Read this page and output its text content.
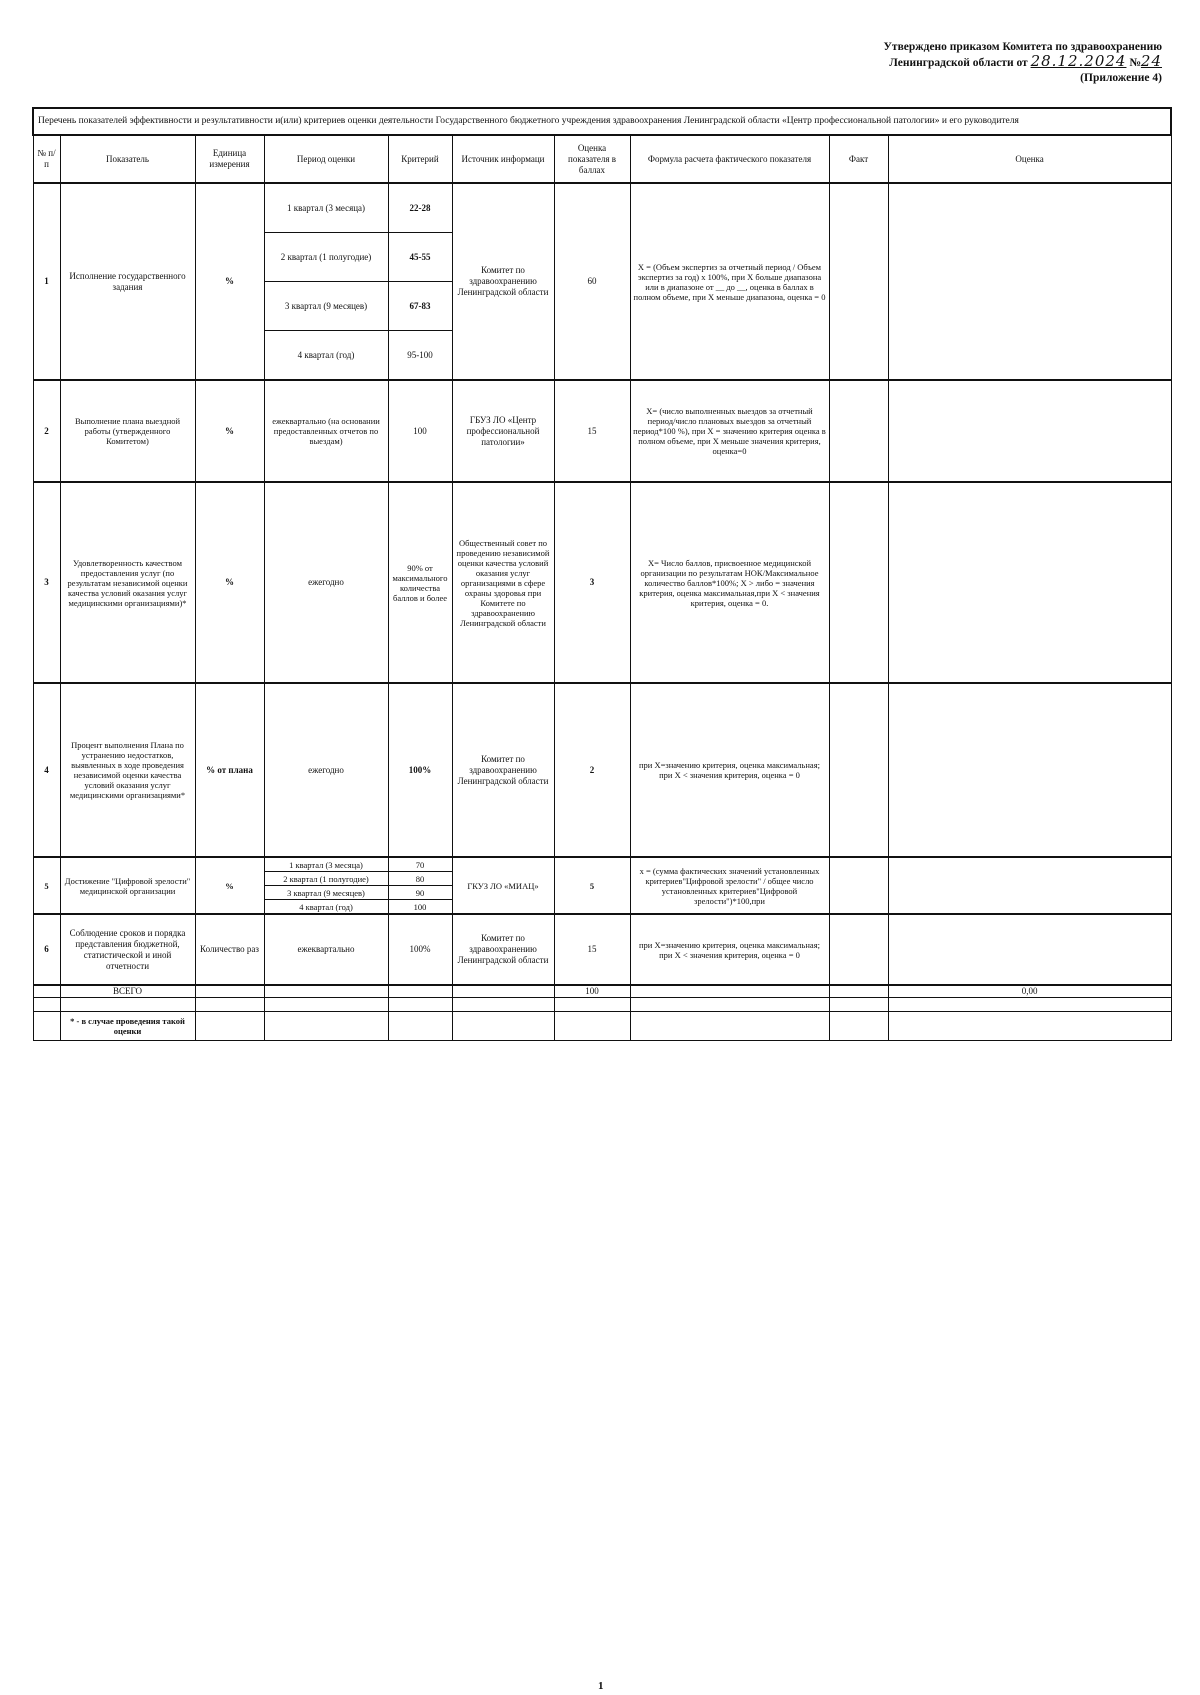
Утверждено приказом Комитета по здравоохранению
Ленинградской области от 28.12.2024 №24
(Приложение 4)
Перечень показателей эффективности и результативности и(или) критериев оценки деятельности Государственного бюджетного учреждения здравоохранения Ленинградской области «Центр профессиональной патологии» и его руководителя									
№ п/п	Показатель	Единица измерения	Период оценки	Критерий	Источник информаци	Оценка показателя в баллах	Формула расчета фактического показателя	Факт	Оценка
1	Исполнение государственного задания	%	1 квартал (3 месяца)	22-28	Комитет по здравоохранению Ленинградской области	60	Х = (Объем экспертиз за отчетный период / Объем экспертиз за год) х 100%, при Х больше диапазона или в диапазоне от __ до __, оценка в баллах в полном объеме, при Х меньше диапазона, оценка = 0		
			2 квартал (1 полугодие)	45-55					
			3 квартал (9 месяцев)	67-83					
			4 квартал (год)	95-100					
2	Выполнение плана выездной работы (утвержденного Комитетом)	%	ежеквартально (на основании предоставленных отчетов по выездам)	100	ГБУЗ ЛО «Центр профессиональной патологии»	15	Х= (число выполненных выездов за отчетный период/число плановых выездов за отчетный период*100 %), при Х = значению критерия оценка в полном объеме, при Х меньше значения критерия, оценка=0		
3	Удовлетворенность качеством предоставления услуг (по результатам независимой оценки качества условий оказания услуг медицинскими организациями)*	%	ежегодно	90% от максимального количества баллов и более	Общественный совет по проведению независимой оценки качества условий оказания услуг организациями в сфере охраны здоровья при Комитете по здравоохранению Ленинградской области	3	Х= Число баллов, присвоенное медицинской организации по результатам НОК/Максимальное количество баллов*100%; Х > либо = значения критерия, оценка максимальная,при Х < значения критерия, оценка = 0.		
4	Процент выполнения Плана по устранению недостатков, выявленных в ходе проведения независимой оценки качества условий оказания услуг медицинскими организациями*	% от плана	ежегодно	100%	Комитет по здравоохранению Ленинградской области	2	при Х=значению критерия, оценка максимальная; при Х < значения критерия, оценка = 0		
5	Достижение "Цифровой зрелости" медицинской организации	%	1 квартал (3 месяца)	70	ГКУЗ ЛО «МИАЦ»	5	х = (сумма фактических значений установленных критериев"Цифровой зрелости" / общее число установленных критериев"Цифровой зрелости")*100,при		
			2 квартал (1 полугодие)	80					
			3 квартал (9 месяцев)	90					
			4 квартал (год)	100					
6	Соблюдение сроков и порядка представления бюджетной, статистической и иной отчетности	Количество раз	ежеквартально	100%	Комитет по здравоохранению Ленинградской области	15	при Х=значению критерия, оценка максимальная; при Х < значения критерия, оценка = 0		
	ВСЕГО					100			0,00

	* - в случае проведения такой оценки								
1
